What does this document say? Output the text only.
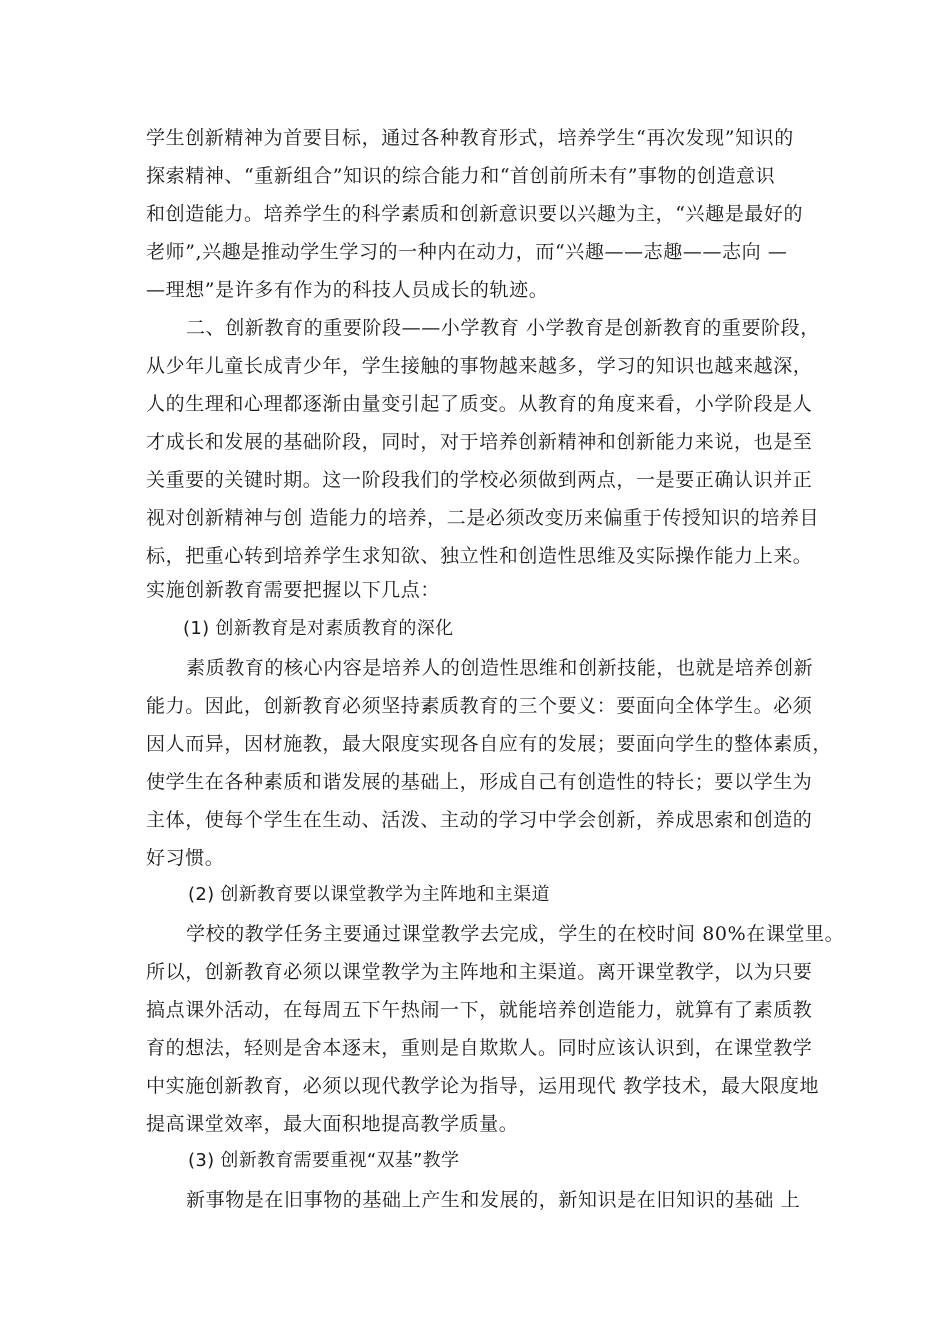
学生创新精神为首要目标，通过各种教育形式，培养学生“再次发现”知识的
探索精神、“重新组合”知识的综合能力和“首创前所未有”事物的创造意识
和创造能力。培养学生的科学素质和创新意识要以兴趣为主，“兴趣是最好的
老师”,兴趣是推动学生学习的一种内在动力，而“兴趣——志趣——志向 —
—理想”是许多有作为的科技人员成长的轨迹。
二、创新教育的重要阶段——小学教育 小学教育是创新教育的重要阶段，
从少年儿童长成青少年，学生接触的事物越来越多，学习的知识也越来越深，
人的生理和心理都逐渐由量变引起了质变。从教育的角度来看，小学阶段是人
才成长和发展的基础阶段，同时，对于培养创新精神和创新能力来说，也是至
关重要的关键时期。这一阶段我们的学校必须做到两点，一是要正确认识并正
视对创新精神与创 造能力的培养，二是必须改变历来偏重于传授知识的培养目
标，把重心转到培养学生求知欲、独立性和创造性思维及实际操作能力上来。
实施创新教育需要把握以下几点：
(1) 创新教育是对素质教育的深化
素质教育的核心内容是培养人的创造性思维和创新技能，也就是培养创新
能力。因此，创新教育必须坚持素质教育的三个要义：要面向全体学生。必须
因人而异，因材施教，最大限度实现各自应有的发展；要面向学生的整体素质，
使学生在各种素质和谐发展的基础上，形成自己有创造性的特长；要以学生为
主体，使每个学生在生动、活泼、主动的学习中学会创新，养成思索和创造的
好习惯。
(2) 创新教育要以课堂教学为主阵地和主渠道
学校的教学任务主要通过课堂教学去完成，学生的在校时间 80%在课堂里。
所以，创新教育必须以课堂教学为主阵地和主渠道。离开课堂教学，以为只要
搞点课外活动，在每周五下午热闹一下，就能培养创造能力，就算有了素质教
育的想法，轻则是舍本逐末，重则是自欺欺人。同时应该认识到，在课堂教学
中实施创新教育，必须以现代教学论为指导，运用现代 教学技术，最大限度地
提高课堂效率，最大面积地提高教学质量。
(3) 创新教育需要重视“双基”教学
新事物是在旧事物的基础上产生和发展的，新知识是在旧知识的基础 上
